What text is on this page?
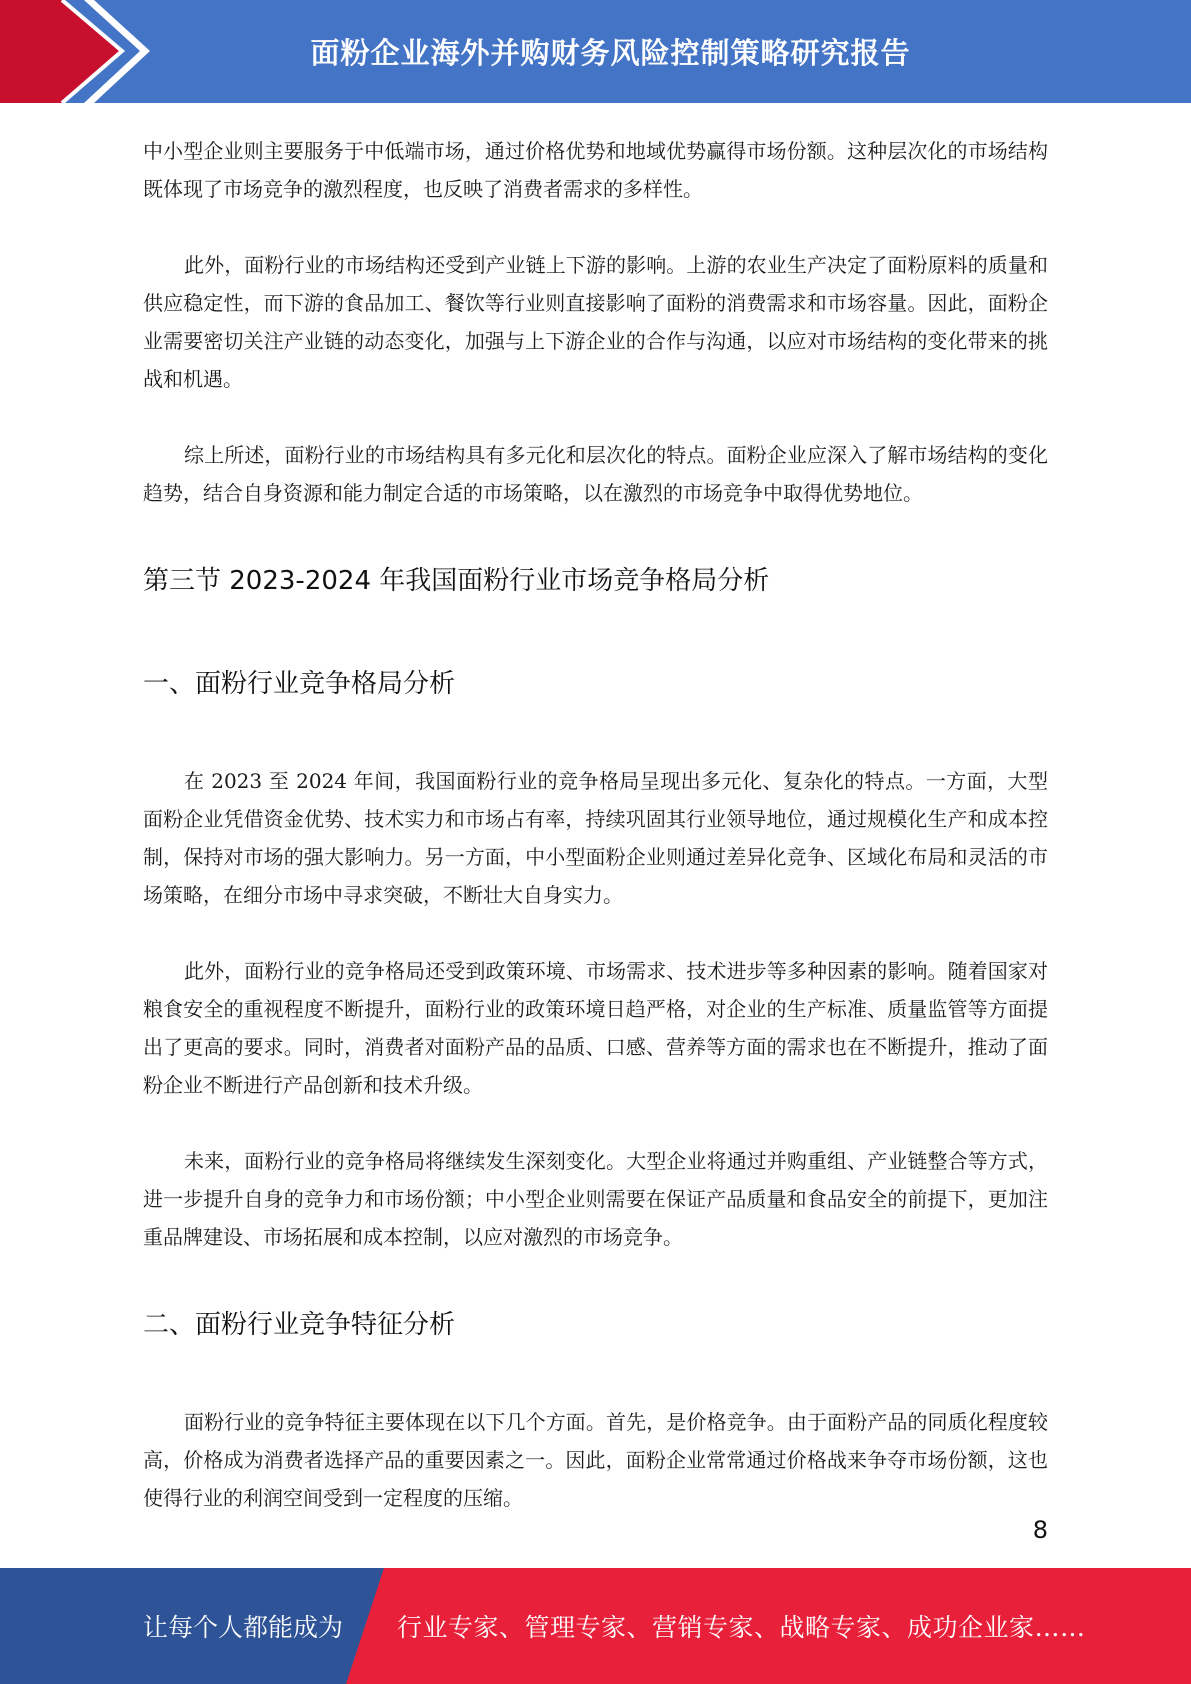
面粉企业海外并购财务风险控制策略研究报告

中小型企业则主要服务于中低端市场，通过价格优势和地域优势赢得市场份额。这种层次化的市场结构既体现了市场竞争的激烈程度，也反映了消费者需求的多样性。

此外，面粉行业的市场结构还受到产业链上下游的影响。上游的农业生产决定了面粉原料的质量和供应稳定性，而下游的食品加工、餐饮等行业则直接影响了面粉的消费需求和市场容量。因此，面粉企业需要密切关注产业链的动态变化，加强与上下游企业的合作与沟通，以应对市场结构的变化带来的挑战和机遇。

综上所述，面粉行业的市场结构具有多元化和层次化的特点。面粉企业应深入了解市场结构的变化趋势，结合自身资源和能力制定合适的市场策略，以在激烈的市场竞争中取得优势地位。

第三节 2023-2024 年我国面粉行业市场竞争格局分析
一、面粉行业竞争格局分析

在 2023 至 2024 年间，我国面粉行业的竞争格局呈现出多元化、复杂化的特点。一方面，大型面粉企业凭借资金优势、技术实力和市场占有率，持续巩固其行业领导地位，通过规模化生产和成本控制，保持对市场的强大影响力。另一方面，中小型面粉企业则通过差异化竞争、区域化布局和灵活的市场策略，在细分市场中寻求突破，不断壮大自身实力。

此外，面粉行业的竞争格局还受到政策环境、市场需求、技术进步等多种因素的影响。随着国家对粮食安全的重视程度不断提升，面粉行业的政策环境日趋严格，对企业的生产标准、质量监管等方面提出了更高的要求。同时，消费者对面粉产品的品质、口感、营养等方面的需求也在不断提升，推动了面粉企业不断进行产品创新和技术升级。

未来，面粉行业的竞争格局将继续发生深刻变化。大型企业将通过并购重组、产业链整合等方式，进一步提升自身的竞争力和市场份额；中小型企业则需要在保证产品质量和食品安全的前提下，更加注重品牌建设、市场拓展和成本控制，以应对激烈的市场竞争。

二、面粉行业竞争特征分析

面粉行业的竞争特征主要体现在以下几个方面。首先，是价格竞争。由于面粉产品的同质化程度较高，价格成为消费者选择产品的重要因素之一。因此，面粉企业常常通过价格战来争夺市场份额，这也使得行业的利润空间受到一定程度的压缩。

8
让每个人都能成为 行业专家、管理专家、营销专家、战略专家、成功企业家……
